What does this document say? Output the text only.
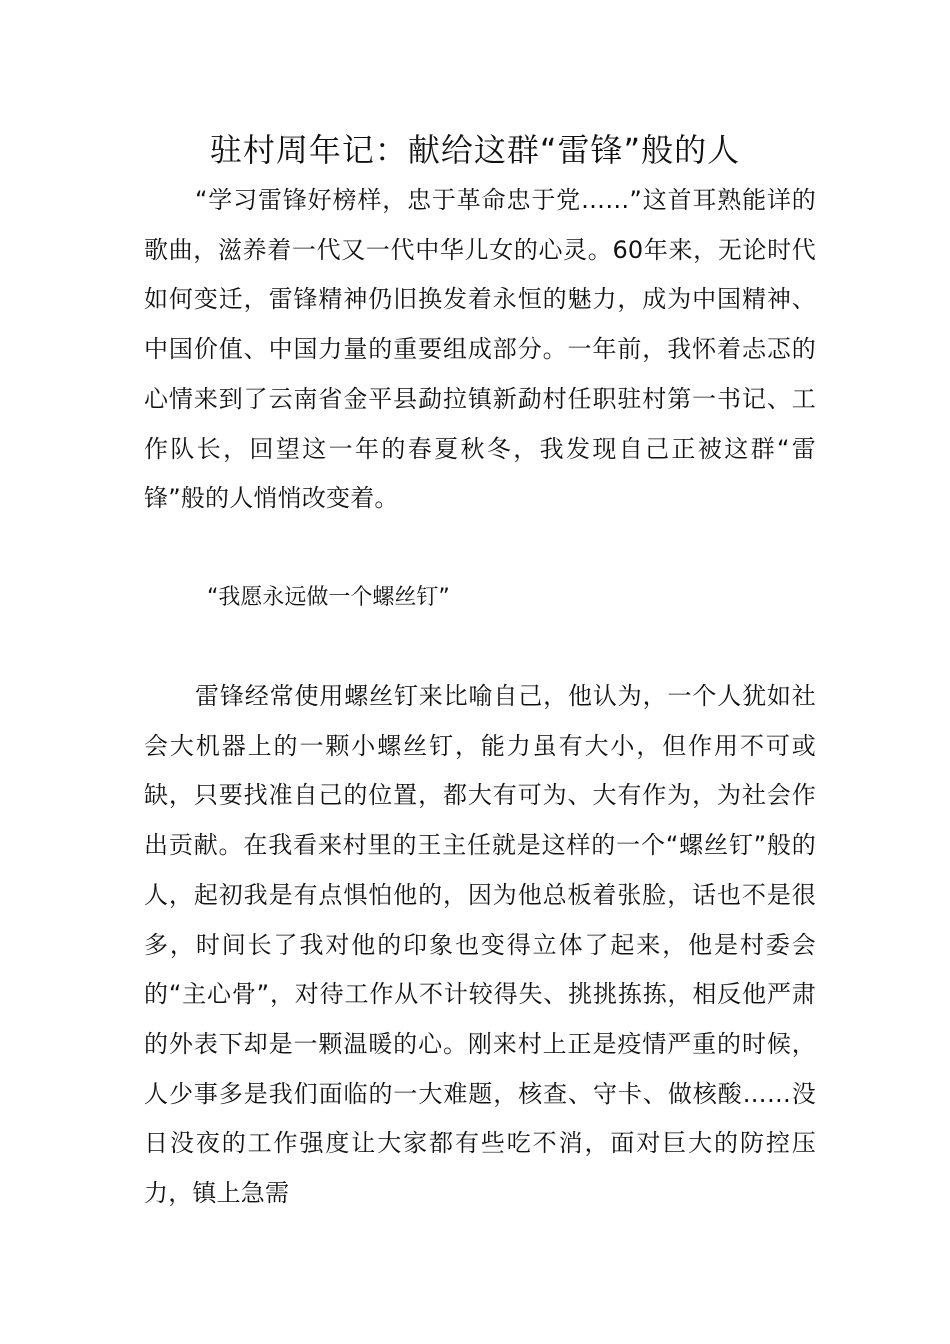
驻村周年记：献给这群“雷锋”般的人

“学习雷锋好榜样，忠于革命忠于党……”这首耳熟能详的歌曲，滋养着一代又一代中华儿女的心灵。60年来，无论时代如何变迁，雷锋精神仍旧换发着永恒的魅力，成为中国精神、中国价值、中国力量的重要组成部分。一年前，我怀着忐忑的心情来到了云南省金平县勐拉镇新勐村任职驻村第一书记、工作队长，回望这一年的春夏秋冬，我发现自己正被这群“雷锋”般的人悄悄改变着。

“我愿永远做一个螺丝钉”

雷锋经常使用螺丝钉来比喻自己，他认为，一个人犹如社会大机器上的一颗小螺丝钉，能力虽有大小，但作用不可或缺，只要找准自己的位置，都大有可为、大有作为，为社会作出贡献。在我看来村里的王主任就是这样的一个“螺丝钉”般的人，起初我是有点惧怕他的，因为他总板着张脸，话也不是很多，时间长了我对他的印象也变得立体了起来，他是村委会的“主心骨”，对待工作从不计较得失、挑挑拣拣，相反他严肃的外表下却是一颗温暖的心。刚来村上正是疫情严重的时候，人少事多是我们面临的一大难题，核查、守卡、做核酸……没日没夜的工作强度让大家都有些吃不消，面对巨大的防控压力，镇上急需
